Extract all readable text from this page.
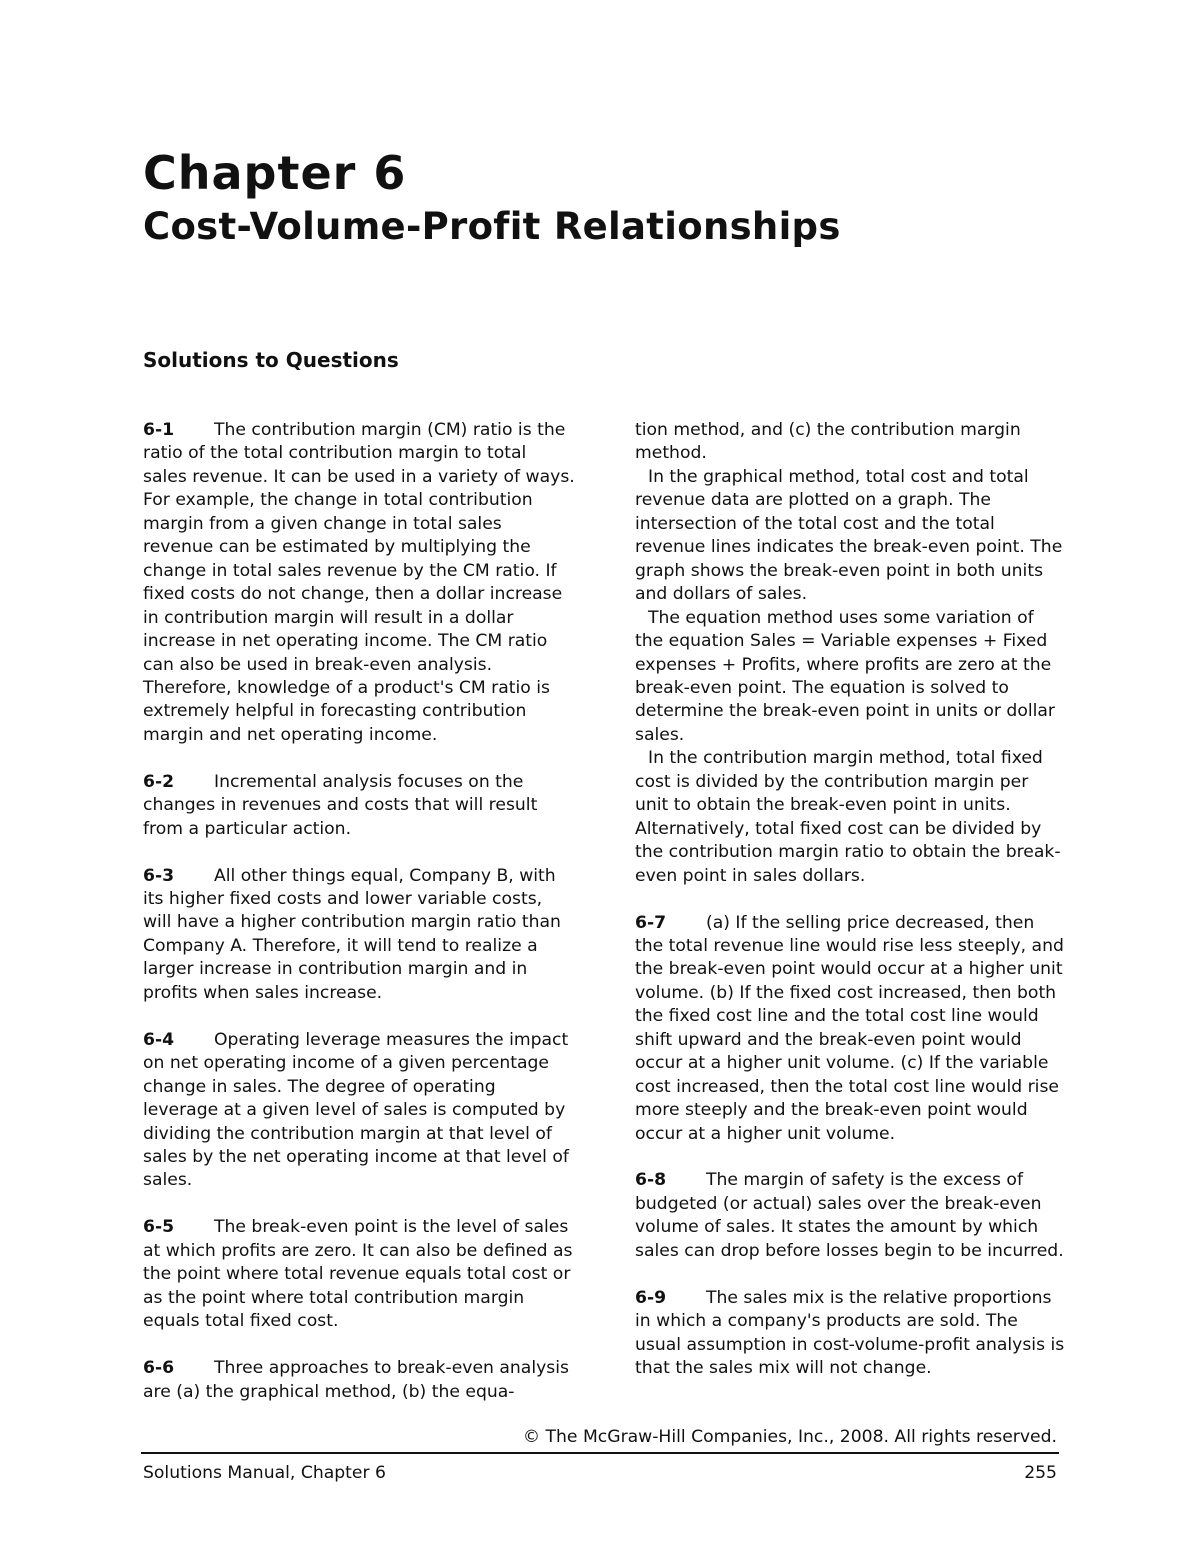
Chapter 6
Cost-Volume-Profit Relationships
Solutions to Questions

6-1 The contribution margin (CM) ratio is the ratio of the total contribution margin to total sales revenue. It can be used in a variety of ways. For example, the change in total contribution margin from a given change in total sales revenue can be estimated by multiplying the change in total sales revenue by the CM ratio. If fixed costs do not change, then a dollar increase in contribution margin will result in a dollar increase in net operating income. The CM ratio can also be used in break-even analysis. Therefore, knowledge of a product's CM ratio is extremely helpful in forecasting contribution margin and net operating income.

6-2 Incremental analysis focuses on the changes in revenues and costs that will result from a particular action.

6-3 All other things equal, Company B, with its higher fixed costs and lower variable costs, will have a higher contribution margin ratio than Company A. Therefore, it will tend to realize a larger increase in contribution margin and in profits when sales increase.

6-4 Operating leverage measures the impact on net operating income of a given percentage change in sales. The degree of operating leverage at a given level of sales is computed by dividing the contribution margin at that level of sales by the net operating income at that level of sales.

6-5 The break-even point is the level of sales at which profits are zero. It can also be defined as the point where total revenue equals total cost or as the point where total contribution margin equals total fixed cost.

6-6 Three approaches to break-even analysis are (a) the graphical method, (b) the equa-

tion method, and (c) the contribution margin method.

In the graphical method, total cost and total revenue data are plotted on a graph. The intersection of the total cost and the total revenue lines indicates the break-even point. The graph shows the break-even point in both units and dollars of sales.

The equation method uses some variation of the equation Sales = Variable expenses + Fixed expenses + Profits, where profits are zero at the break-even point. The equation is solved to determine the break-even point in units or dollar sales.

In the contribution margin method, total fixed cost is divided by the contribution margin per unit to obtain the break-even point in units. Alternatively, total fixed cost can be divided by the contribution margin ratio to obtain the break-even point in sales dollars.

6-7 (a) If the selling price decreased, then the total revenue line would rise less steeply, and the break-even point would occur at a higher unit volume. (b) If the fixed cost increased, then both the fixed cost line and the total cost line would shift upward and the break-even point would occur at a higher unit volume. (c) If the variable cost increased, then the total cost line would rise more steeply and the break-even point would occur at a higher unit volume.

6-8 The margin of safety is the excess of budgeted (or actual) sales over the break-even volume of sales. It states the amount by which sales can drop before losses begin to be incurred.

6-9 The sales mix is the relative proportions in which a company's products are sold. The usual assumption in cost-volume-profit analysis is that the sales mix will not change.

© The McGraw-Hill Companies, Inc., 2008. All rights reserved.
Solutions Manual, Chapter 6	255
